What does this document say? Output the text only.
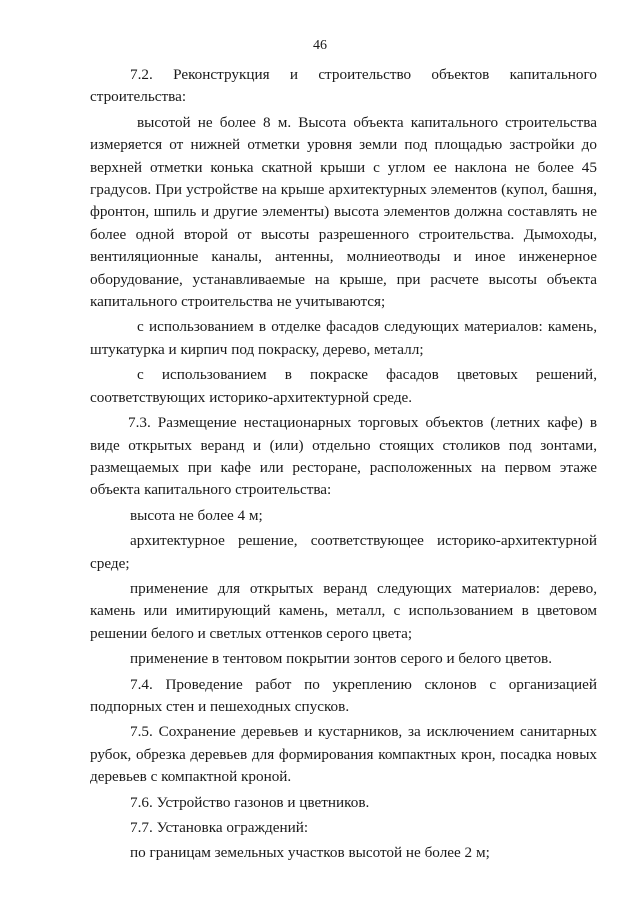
46
7.2. Реконструкция и строительство объектов капитального

строительства:

высотой не более 8 м. Высота объекта капитального строительства измеряется от нижней отметки уровня земли под площадью застройки до верхней отметки конька скатной крыши с углом ее наклона не более 45 градусов. При устройстве на крыше архитектурных элементов (купол, башня, фронтон, шпиль и другие элементы) высота элементов должна составлять не более одной второй от высоты разрешенного строительства. Дымоходы, вентиляционные каналы, антенны, молниеотводы и иное инженерное оборудование, устанавливаемые на крыше, при расчете высоты объекта капитального строительства не учитываются;

с использованием в отделке фасадов следующих материалов: камень, штукатурка и кирпич под покраску, дерево, металл;

с использованием в покраске фасадов цветовых решений,

соответствующих историко-архитектурной среде.

7.3. Размещение нестационарных торговых объектов (летних кафе) в виде открытых веранд и (или) отдельно стоящих столиков под зонтами, размещаемых при кафе или ресторане, расположенных на первом этаже объекта капитального строительства:

высота не более 4 м;

архитектурное решение, соответствующее историко-архитектурной

среде;

применение для открытых веранд следующих материалов: дерево, камень или имитирующий камень, металл, с использованием в цветовом решении белого и светлых оттенков серого цвета;

применение в тентовом покрытии зонтов серого и белого цветов.

7.4. Проведение работ по укреплению склонов с организацией подпорных стен и пешеходных спусков.

7.5. Сохранение деревьев и кустарников, за исключением санитарных рубок, обрезка деревьев для формирования компактных крон, посадка новых деревьев с компактной кроной.

7.6. Устройство газонов и цветников.

7.7. Установка ограждений:

по границам земельных участков высотой не более 2 м;
